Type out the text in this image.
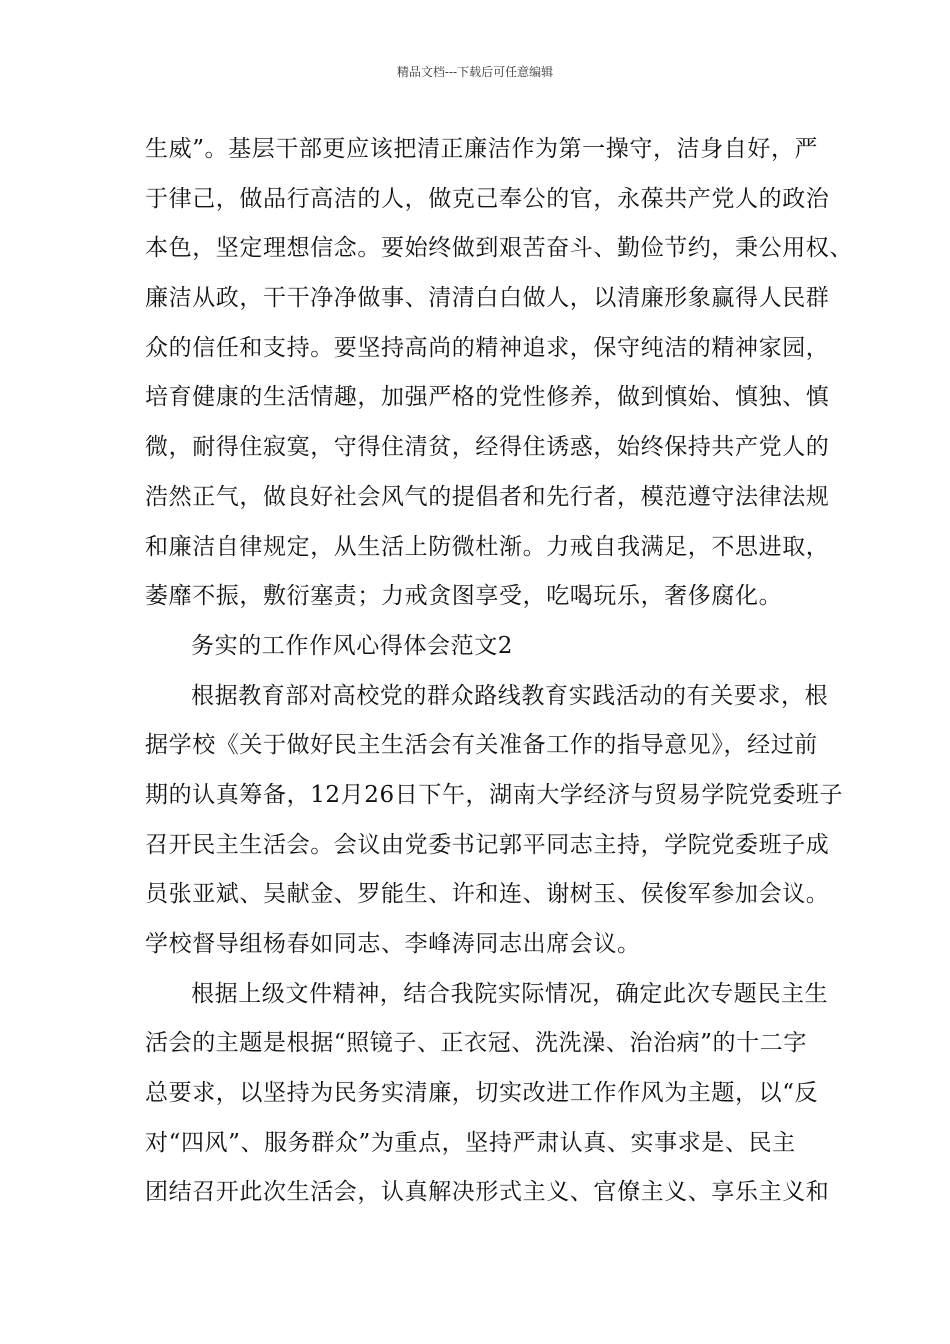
精品文档---下载后可任意编辑
生威”。基层干部更应该把清正廉洁作为第一操守，洁身自好，严
于律己，做品行高洁的人，做克己奉公的官，永葆共产党人的政治
本色，坚定理想信念。要始终做到艰苦奋斗、勤俭节约，秉公用权、
廉洁从政，干干净净做事、清清白白做人，以清廉形象赢得人民群
众的信任和支持。要坚持高尚的精神追求，保守纯洁的精神家园，
培育健康的生活情趣，加强严格的党性修养，做到慎始、慎独、慎
微，耐得住寂寞，守得住清贫，经得住诱惑，始终保持共产党人的
浩然正气，做良好社会风气的提倡者和先行者，模范遵守法律法规
和廉洁自律规定，从生活上防微杜渐。力戒自我满足，不思进取，
萎靡不振，敷衍塞责；力戒贪图享受，吃喝玩乐，奢侈腐化。
务实的工作作风心得体会范文2
根据教育部对高校党的群众路线教育实践活动的有关要求，根
据学校《关于做好民主生活会有关准备工作的指导意见》，经过前
期的认真筹备，12月26日下午，湖南大学经济与贸易学院党委班子
召开民主生活会。会议由党委书记郭平同志主持，学院党委班子成
员张亚斌、吴献金、罗能生、许和连、谢树玉、侯俊军参加会议。
学校督导组杨春如同志、李峰涛同志出席会议。
根据上级文件精神，结合我院实际情况，确定此次专题民主生
活会的主题是根据“照镜子、正衣冠、洗洗澡、治治病”的十二字
总要求，以坚持为民务实清廉，切实改进工作作风为主题，以“反
对“四风”、服务群众”为重点，坚持严肃认真、实事求是、民主
团结召开此次生活会，认真解决形式主义、官僚主义、享乐主义和
